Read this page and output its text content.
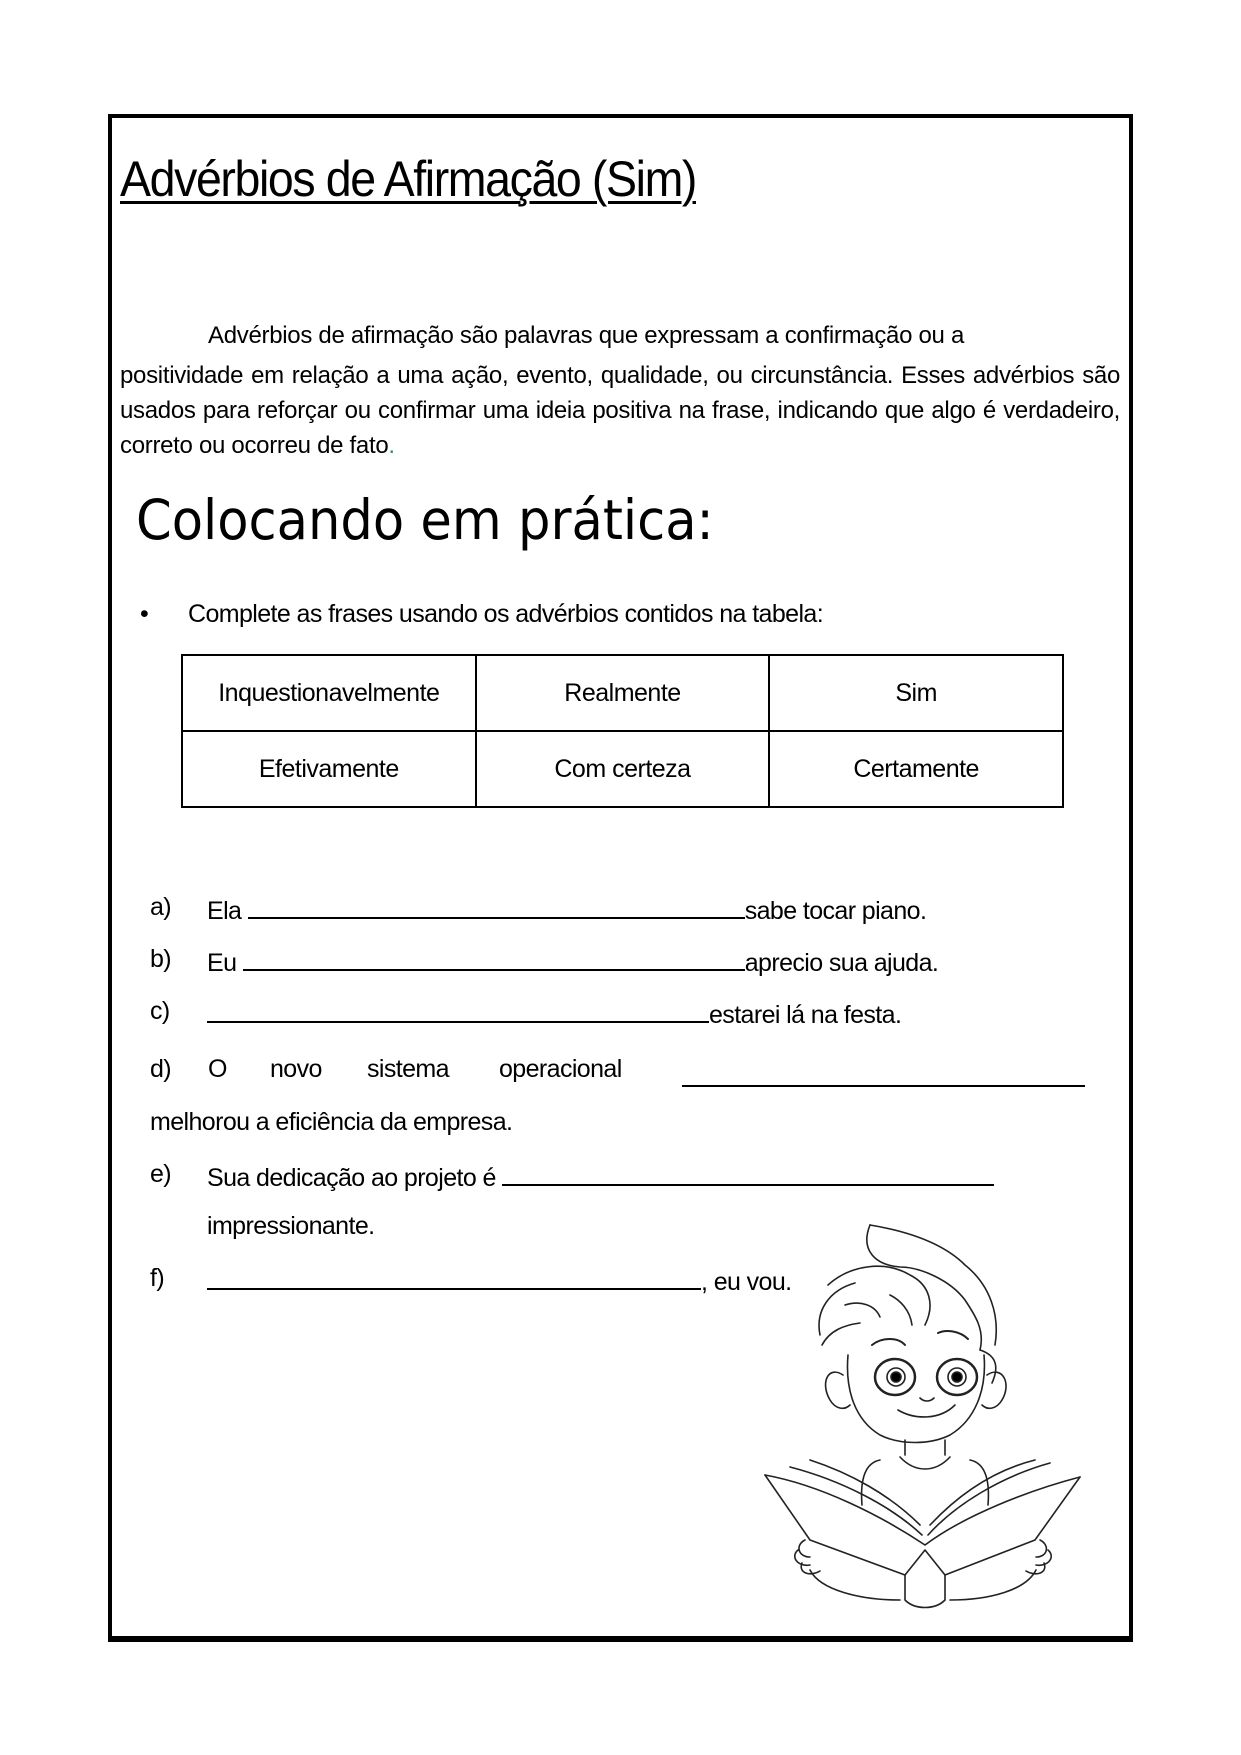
Advérbios de Afirmação (Sim)
Advérbios de afirmação são palavras que expressam a confirmação ou a
positividade em relação a uma ação, evento, qualidade, ou circunstância. Esses advérbios são usados para reforçar ou confirmar uma ideia positiva na frase, indicando que algo é verdadeiro, correto ou ocorreu de fato.
Colocando em prática:
• Complete as frases usando os advérbios contidos na tabela:
Inquestionavelmente	Realmente	Sim
Efetivamente	Com certeza	Certamente
a) Ela	sabe tocar piano.
b) Eu	aprecio sua ajuda.
c)	estarei lá na festa.
d) O novo sistema operacional
melhorou a eficiência da empresa.
e) Sua dedicação ao projeto é
impressionante.
f)	, eu vou.
